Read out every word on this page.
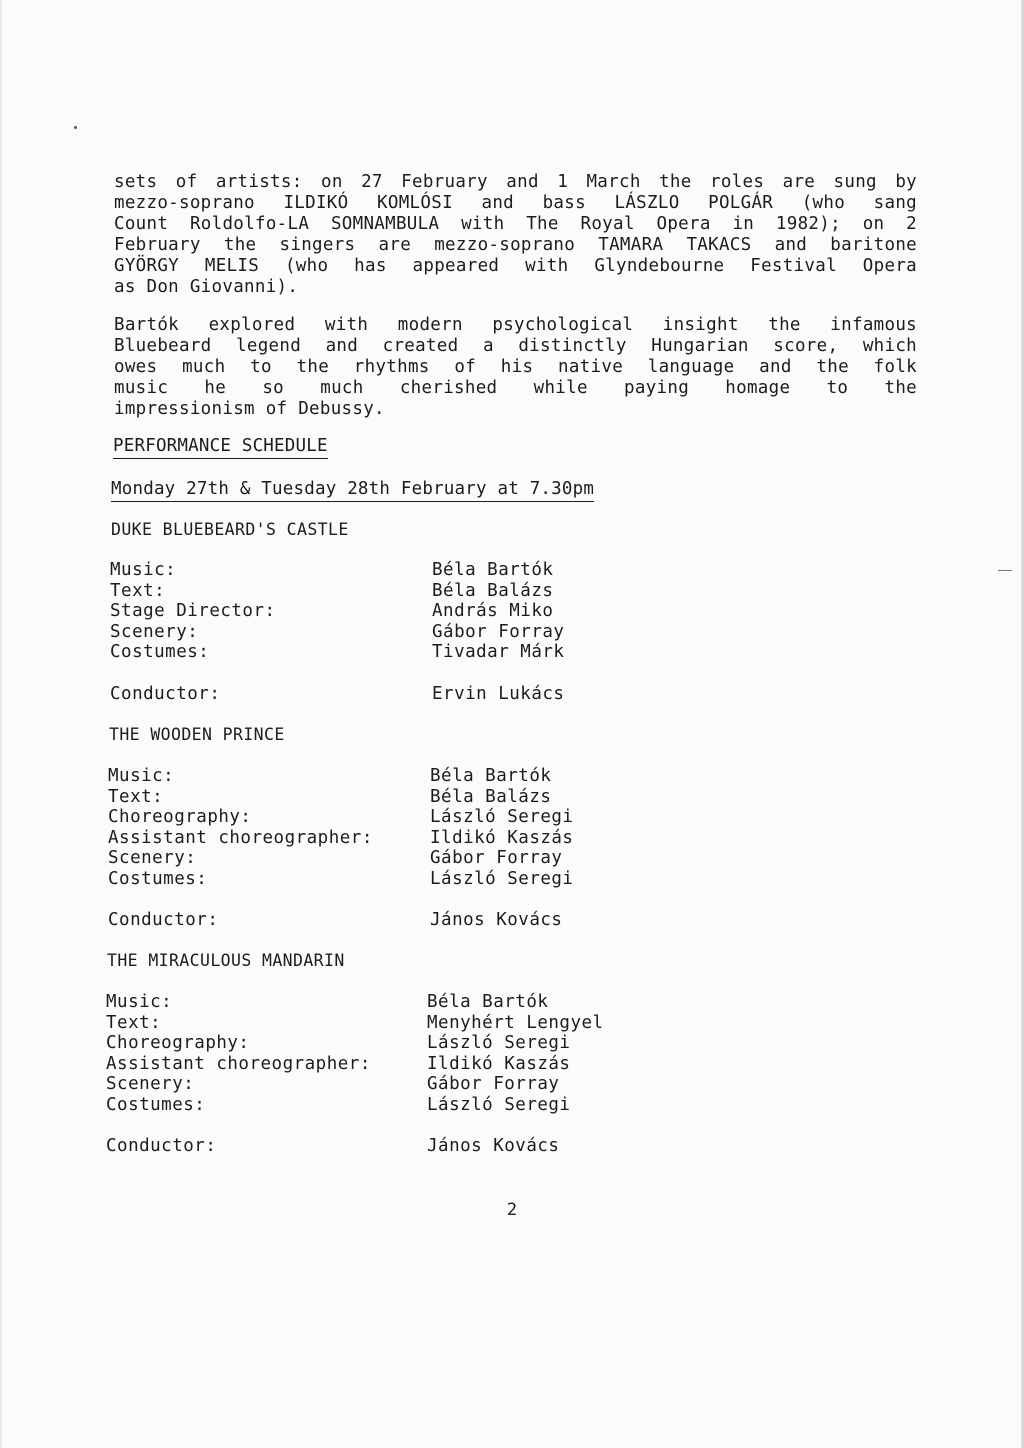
sets of artists: on 27 February and 1 March the roles are sung by
mezzo-soprano ILDIKÓ KOMLÓSI and bass LÁSZLO POLGÁR (who sang
Count Roldolfo-LA SOMNAMBULA with The Royal Opera in 1982); on 2
February the singers are mezzo-soprano TAMARA TAKACS and baritone
GYÖRGY MELIS (who has appeared with Glyndebourne Festival Opera
as Don Giovanni).
Bartók explored with modern psychological insight the infamous
Bluebeard legend and created a distinctly Hungarian score, which
owes much to the rhythms of his native language and the folk
music he so much cherished while paying homage to the
impressionism of Debussy.
PERFORMANCE SCHEDULE
Monday 27th & Tuesday 28th February at 7.30pm
DUKE BLUEBEARD'S CASTLE
Music:	Béla Bartók
Text:	Béla Balázs
Stage Director:	András Miko
Scenery:	Gábor Forray
Costumes:	Tivadar Márk
Conductor:	Ervin Lukács
THE WOODEN PRINCE
Music:	Béla Bartók
Text:	Béla Balázs
Choreography:	László Seregi
Assistant choreographer:	Ildikó Kaszás
Scenery:	Gábor Forray
Costumes:	László Seregi
Conductor:	János Kovács
THE MIRACULOUS MANDARIN
Music:	Béla Bartók
Text:	Menyhért Lengyel
Choreography:	László Seregi
Assistant choreographer:	Ildikó Kaszás
Scenery:	Gábor Forray
Costumes:	László Seregi
Conductor:	János Kovács
2
